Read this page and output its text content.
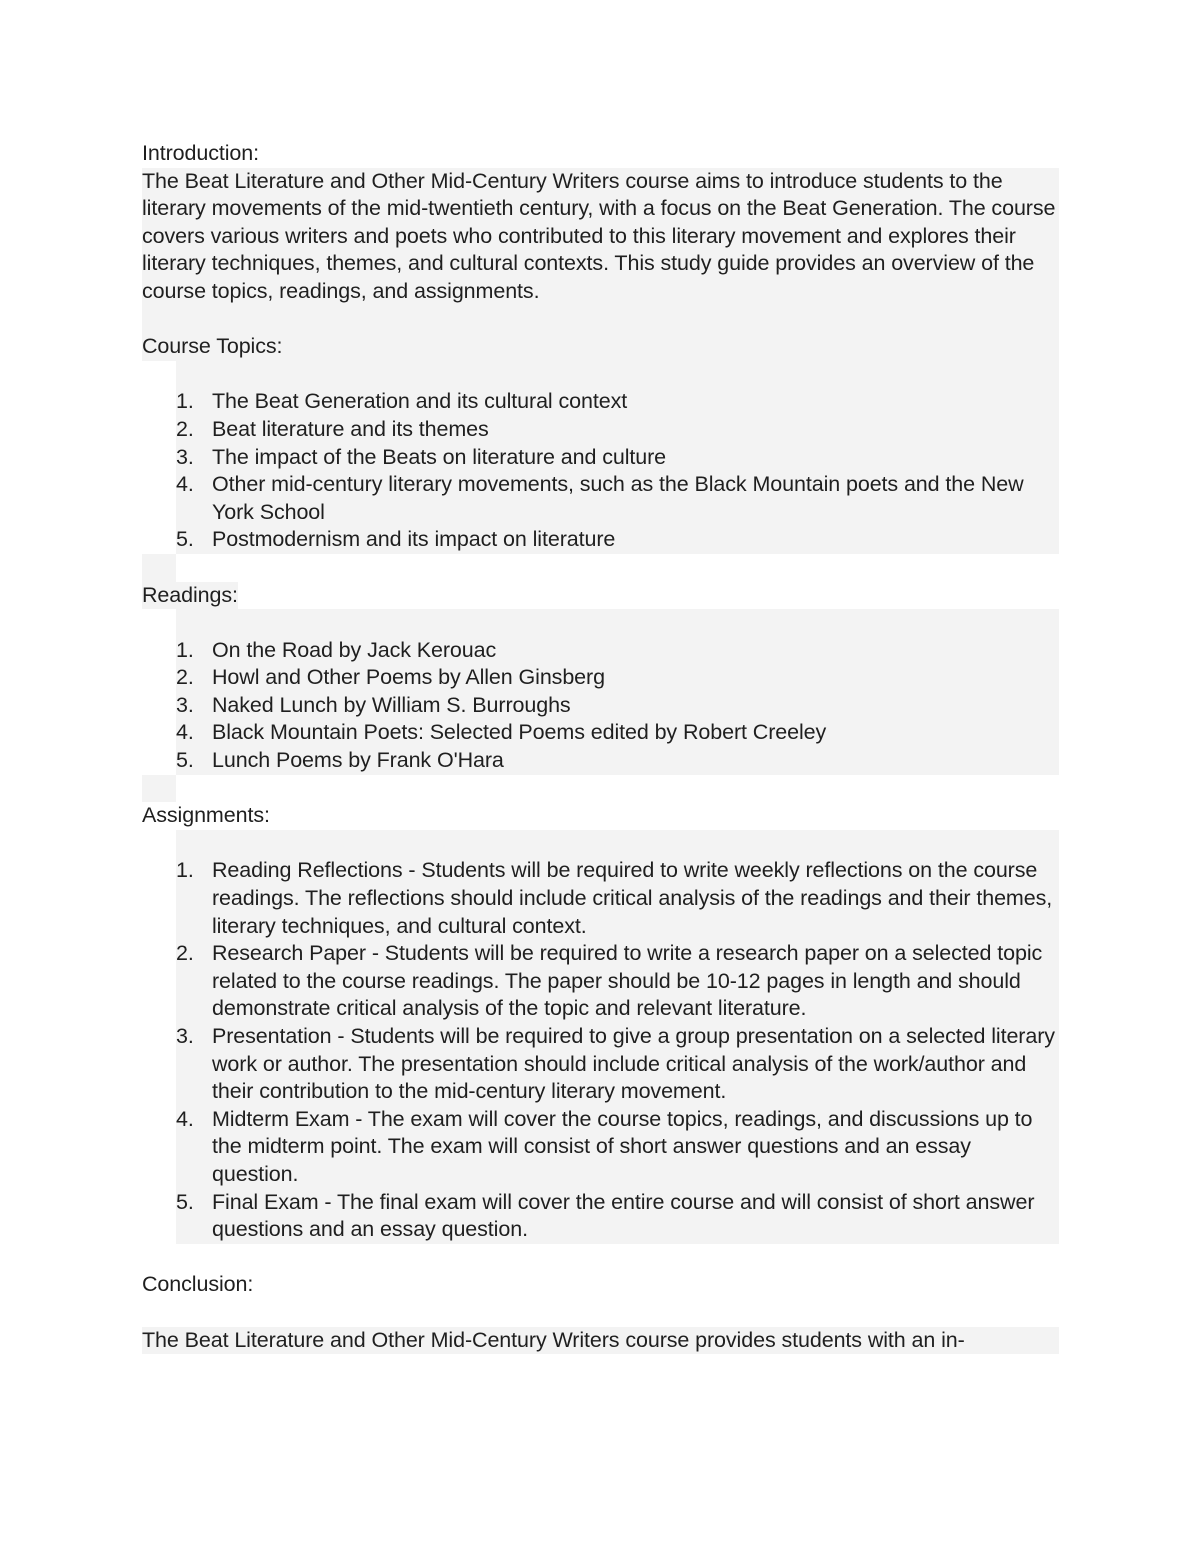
Introduction:
The Beat Literature and Other Mid-Century Writers course aims to introduce students to the literary movements of the mid-twentieth century, with a focus on the Beat Generation. The course covers various writers and poets who contributed to this literary movement and explores their literary techniques, themes, and cultural contexts. This study guide provides an overview of the course topics, readings, and assignments.
Course Topics:
1. The Beat Generation and its cultural context
2. Beat literature and its themes
3. The impact of the Beats on literature and culture
4. Other mid-century literary movements, such as the Black Mountain poets and the New York School
5. Postmodernism and its impact on literature
Readings:
1. On the Road by Jack Kerouac
2. Howl and Other Poems by Allen Ginsberg
3. Naked Lunch by William S. Burroughs
4. Black Mountain Poets: Selected Poems edited by Robert Creeley
5. Lunch Poems by Frank O'Hara
Assignments:
1. Reading Reflections - Students will be required to write weekly reflections on the course readings. The reflections should include critical analysis of the readings and their themes, literary techniques, and cultural context.
2. Research Paper - Students will be required to write a research paper on a selected topic related to the course readings. The paper should be 10-12 pages in length and should demonstrate critical analysis of the topic and relevant literature.
3. Presentation - Students will be required to give a group presentation on a selected literary work or author. The presentation should include critical analysis of the work/author and their contribution to the mid-century literary movement.
4. Midterm Exam - The exam will cover the course topics, readings, and discussions up to the midterm point. The exam will consist of short answer questions and an essay question.
5. Final Exam - The final exam will cover the entire course and will consist of short answer questions and an essay question.
Conclusion:
The Beat Literature and Other Mid-Century Writers course provides students with an in-
